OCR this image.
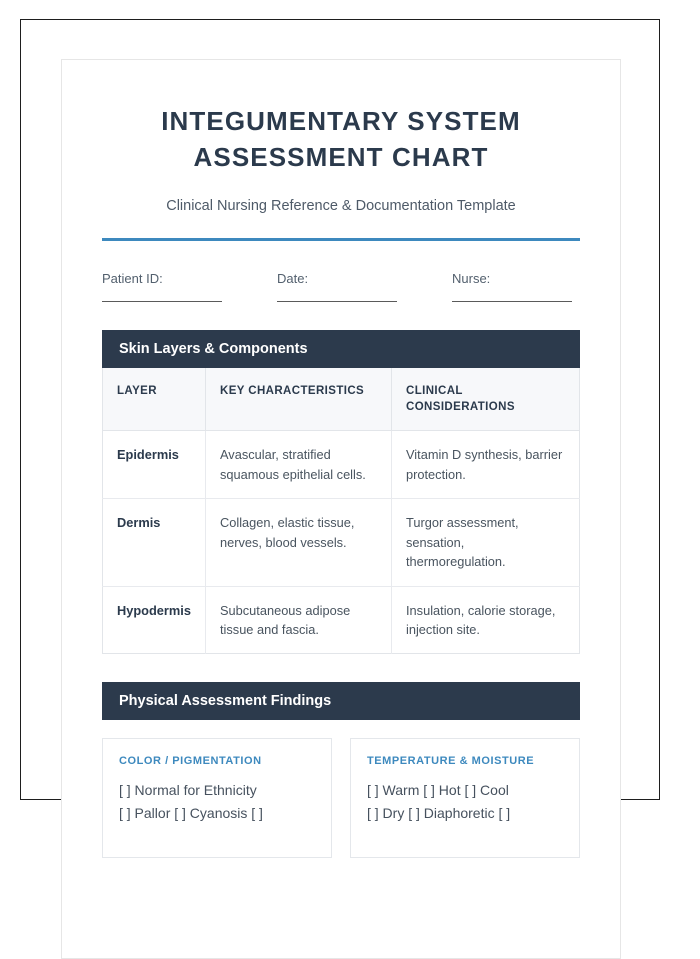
INTEGUMENTARY SYSTEM
ASSESSMENT CHART

Clinical Nursing Reference & Documentation Template

Patient ID:	Date:	Nurse:
Skin Layers & Components
LAYER	KEY CHARACTERISTICS	CLINICAL CONSIDERATIONS
Epidermis	Avascular, stratified squamous epithelial cells.	Vitamin D synthesis, barrier protection.
Dermis	Collagen, elastic tissue, nerves, blood vessels.	Turgor assessment, sensation, thermoregulation.
Hypodermis	Subcutaneous adipose tissue and fascia.	Insulation, calorie storage, injection site.
Physical Assessment Findings
COLOR / PIGMENTATION
[ ] Normal for Ethnicity
[ ] Pallor [ ] Cyanosis [ ]
TEMPERATURE & MOISTURE
[ ] Warm [ ] Hot [ ] Cool
[ ] Dry [ ] Diaphoretic [ ]
